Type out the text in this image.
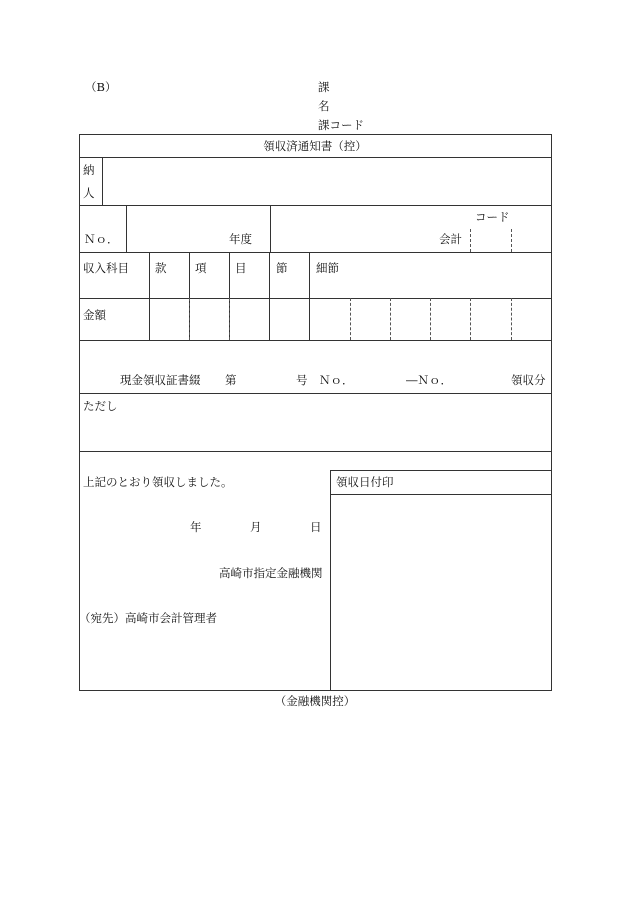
（B）	課
名
課コード
領収済通知書（控）
納
人
Ｎｏ．	年度
コード
会計
収入科目 款 項 目	節 細節
金額
現金領収証書綴 第	号 Ｎｏ．	―Ｎｏ．	領収分
ただし
上記のとおり領収しました。
年	月	日
高崎市指定金融機関
（宛先）高崎市会計管理者
領収日付印
（金融機関控）
